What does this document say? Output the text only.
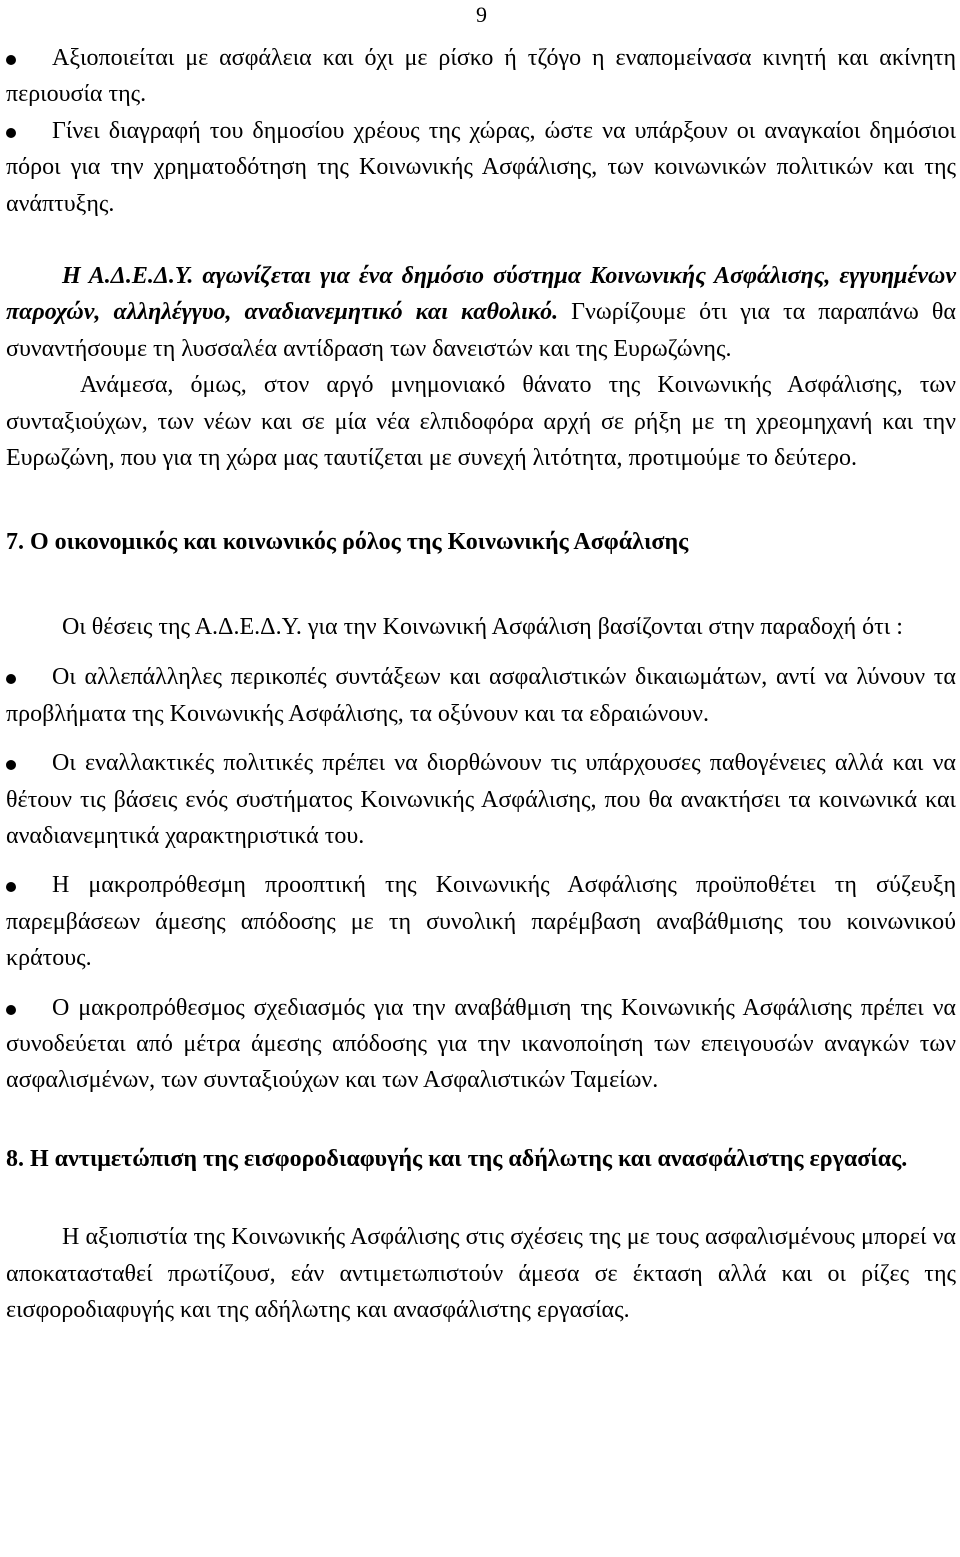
9
Αξιοποιείται με ασφάλεια και όχι με ρίσκο ή τζόγο η εναπομείνασα κινητή και ακίνητη περιουσία της.
Γίνει διαγραφή του δημοσίου χρέους της χώρας, ώστε να υπάρξουν οι αναγκαίοι δημόσιοι πόροι για την χρηματοδότηση της Κοινωνικής Ασφάλισης, των κοινωνικών πολιτικών και της ανάπτυξης.

Η Α.Δ.Ε.Δ.Υ. αγωνίζεται για ένα δημόσιο σύστημα Κοινωνικής Ασφάλισης, εγγυημένων παροχών, αλληλέγγυο, αναδιανεμητικό και καθολικό. Γνωρίζουμε ότι για τα παραπάνω θα συναντήσουμε τη λυσσαλέα αντίδραση των δανειστών και της Ευρωζώνης.

Ανάμεσα, όμως, στον αργό μνημονιακό θάνατο της Κοινωνικής Ασφάλισης, των συνταξιούχων, των νέων και σε μία νέα ελπιδοφόρα αρχή σε ρήξη με τη χρεομηχανή και την Ευρωζώνη, που για τη χώρα μας ταυτίζεται με συνεχή λιτότητα, προτιμούμε το δεύτερο.

7. Ο οικονομικός και κοινωνικός ρόλος της Κοινωνικής Ασφάλισης

Οι θέσεις της Α.Δ.Ε.Δ.Υ. για την Κοινωνική Ασφάλιση βασίζονται στην παραδοχή ότι :

Οι αλλεπάλληλες περικοπές συντάξεων και ασφαλιστικών δικαιωμάτων, αντί να λύνουν τα προβλήματα της Κοινωνικής Ασφάλισης, τα οξύνουν και τα εδραιώνουν.
Οι εναλλακτικές πολιτικές πρέπει να διορθώνουν τις υπάρχουσες παθογένειες αλλά και να θέτουν τις βάσεις ενός συστήματος Κοινωνικής Ασφάλισης, που θα ανακτήσει τα κοινωνικά και αναδιανεμητικά χαρακτηριστικά του.
Η μακροπρόθεσμη προοπτική της Κοινωνικής Ασφάλισης προϋποθέτει τη σύζευξη παρεμβάσεων άμεσης απόδοσης με τη συνολική παρέμβαση αναβάθμισης του κοινωνικού κράτους.
Ο μακροπρόθεσμος σχεδιασμός για την αναβάθμιση της Κοινωνικής Ασφάλισης πρέπει να συνοδεύεται από μέτρα άμεσης απόδοσης για την ικανοποίηση των επειγουσών αναγκών των ασφαλισμένων, των συνταξιούχων και των Ασφαλιστικών Ταμείων.

8. Η αντιμετώπιση της εισφοροδιαφυγής και της αδήλωτης και ανασφάλιστης εργασίας.

Η αξιοπιστία της Κοινωνικής Ασφάλισης στις σχέσεις της με τους ασφαλισμένους μπορεί να αποκατασταθεί πρωτίζουσ, εάν αντιμετωπιστούν άμεσα σε έκταση αλλά και οι ρίζες της εισφοροδιαφυγής και της αδήλωτης και ανασφάλιστης εργασίας.
